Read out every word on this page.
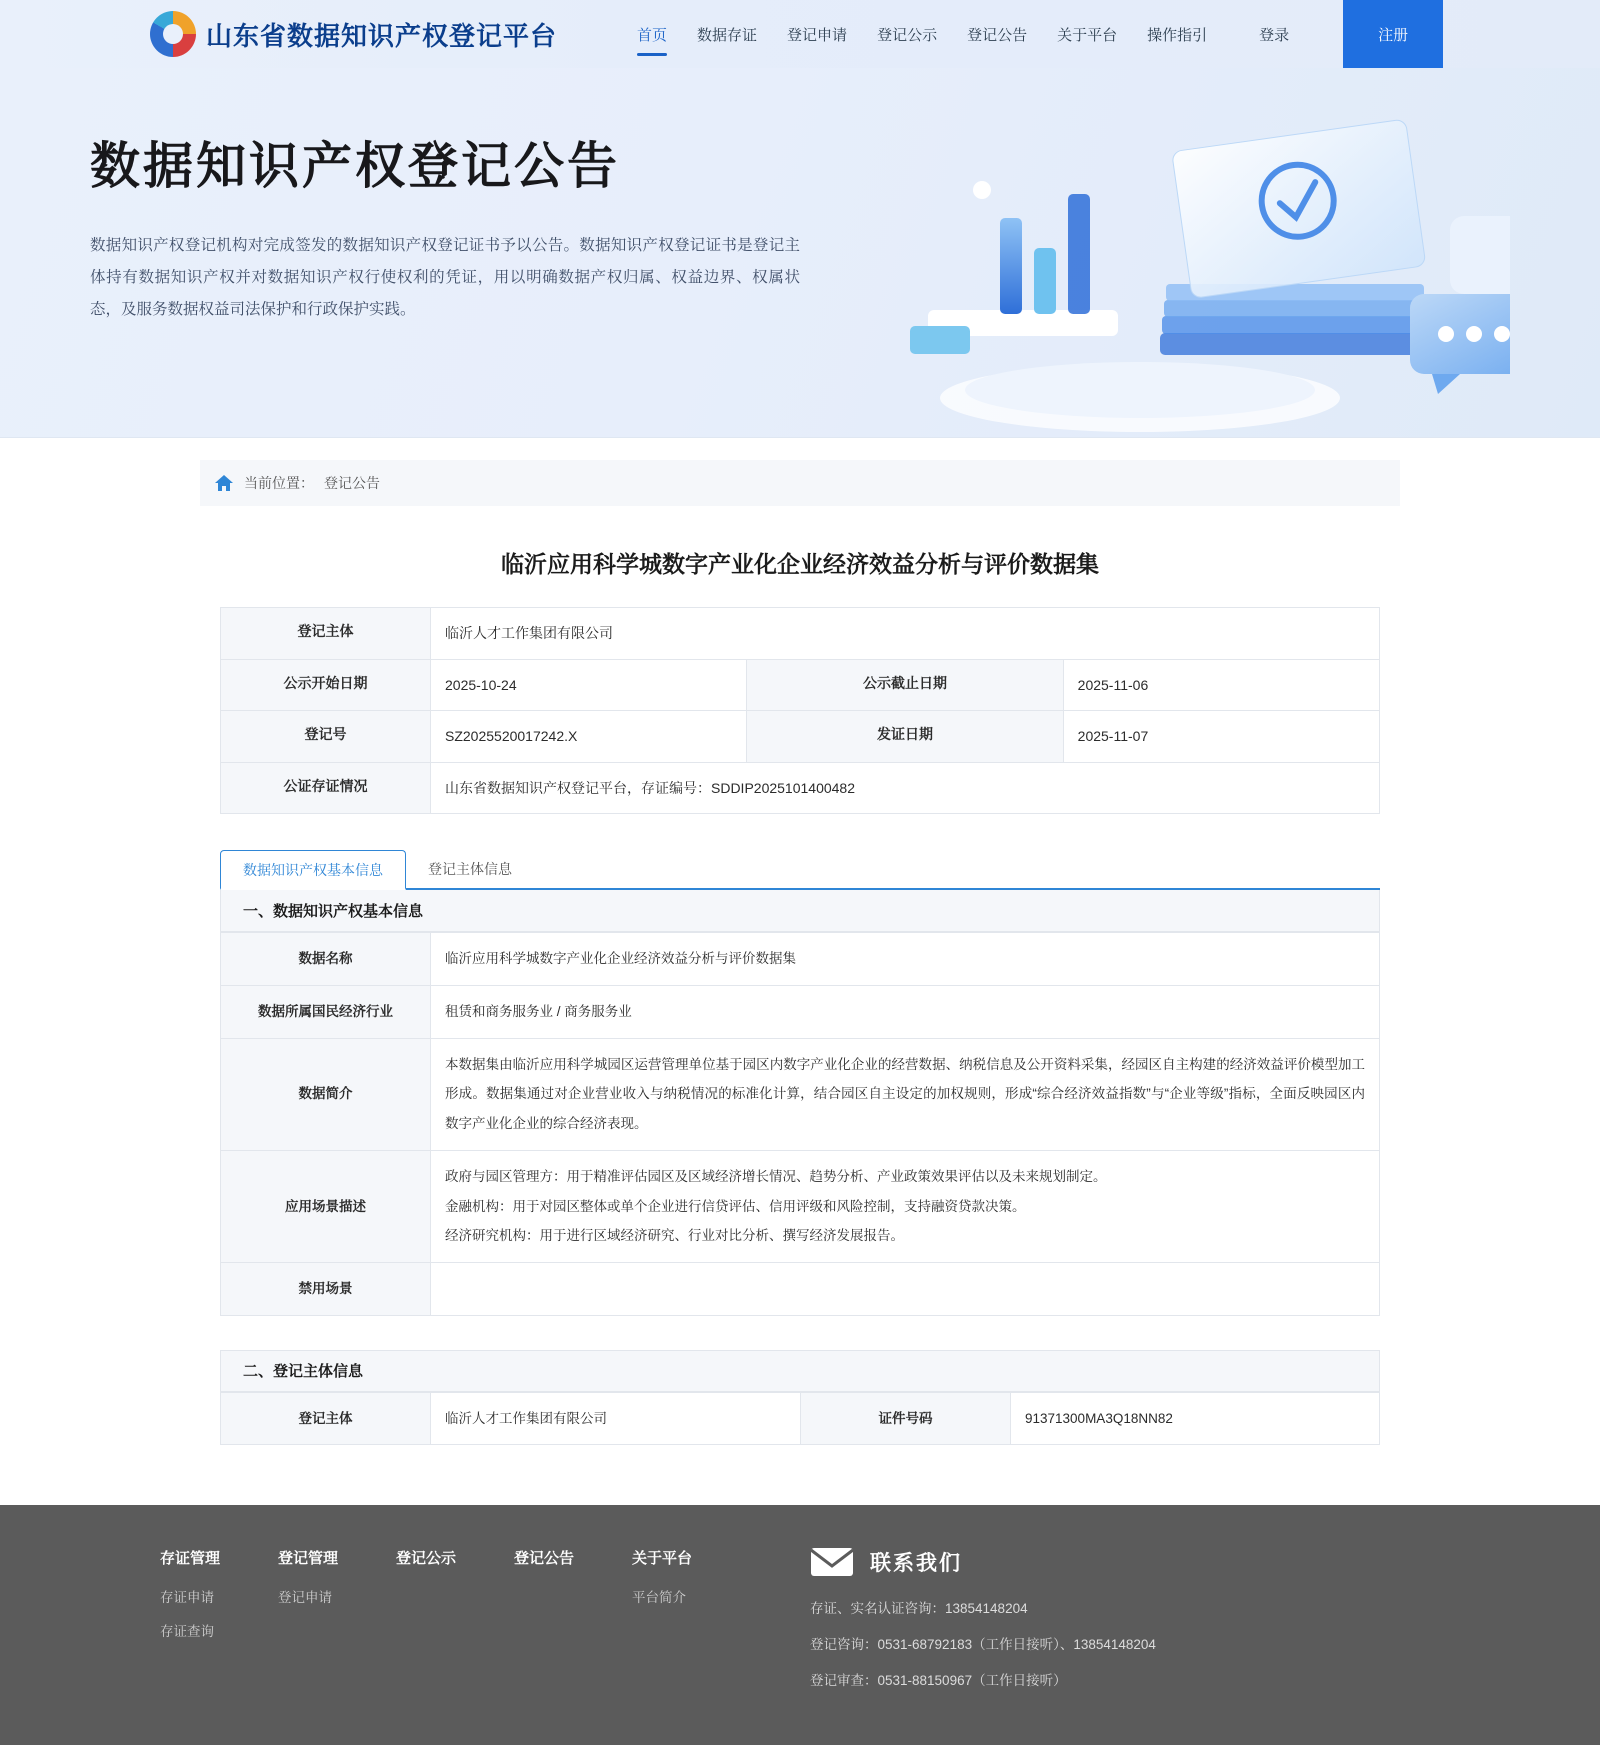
山东省数据知识产权登记平台	首页 数据存证 登记申请 登记公示 登记公告 关于平台 操作指引	登录	注册
数据知识产权登记公告
数据知识产权登记机构对完成签发的数据知识产权登记证书予以公告。数据知识产权登记证书是登记主体持有数据知识产权并对数据知识产权行使权利的凭证，用以明确数据产权归属、权益边界、权属状态，及服务数据权益司法保护和行政保护实践。
当前位置： 登记公告
临沂应用科学城数字产业化企业经济效益分析与评价数据集
登记主体	临沂人才工作集团有限公司		
公示开始日期	2025-10-24	公示截止日期	2025-11-06
登记号	SZ2025520017242.X	发证日期	2025-11-07
公证存证情况	山东省数据知识产权登记平台，存证编号：SDDIP2025101400482		
数据知识产权基本信息	登记主体信息
一、数据知识产权基本信息
数据名称	临沂应用科学城数字产业化企业经济效益分析与评价数据集
数据所属国民经济行业	租赁和商务服务业 / 商务服务业
数据简介	本数据集由临沂应用科学城园区运营管理单位基于园区内数字产业化企业的经营数据、纳税信息及公开资料采集，经园区自主构建的经济效益评价模型加工形成。数据集通过对企业营业收入与纳税情况的标准化计算，结合园区自主设定的加权规则，形成“综合经济效益指数”与“企业等级”指标，全面反映园区内数字产业化企业的综合经济表现。

应用场景描述	政府与园区管理方：用于精准评估园区及区域经济增长情况、趋势分析、产业政策效果评估以及未来规划制定。
金融机构：用于对园区整体或单个企业进行信贷评估、信用评级和风险控制，支持融资贷款决策。
经济研究机构：用于进行区域经济研究、行业对比分析、撰写经济发展报告。

禁用场景	
二、登记主体信息
登记主体	临沂人才工作集团有限公司	证件号码	91371300MA3Q18NN82
存证管理
存证申请
存证查询
登记管理
登记申请
登记公示	登记公告	关于平台
平台简介
联系我们
存证、实名认证咨询：13854148204
登记咨询：0531-68792183（工作日接听）、13854148204
登记审查：0531-88150967（工作日接听）
